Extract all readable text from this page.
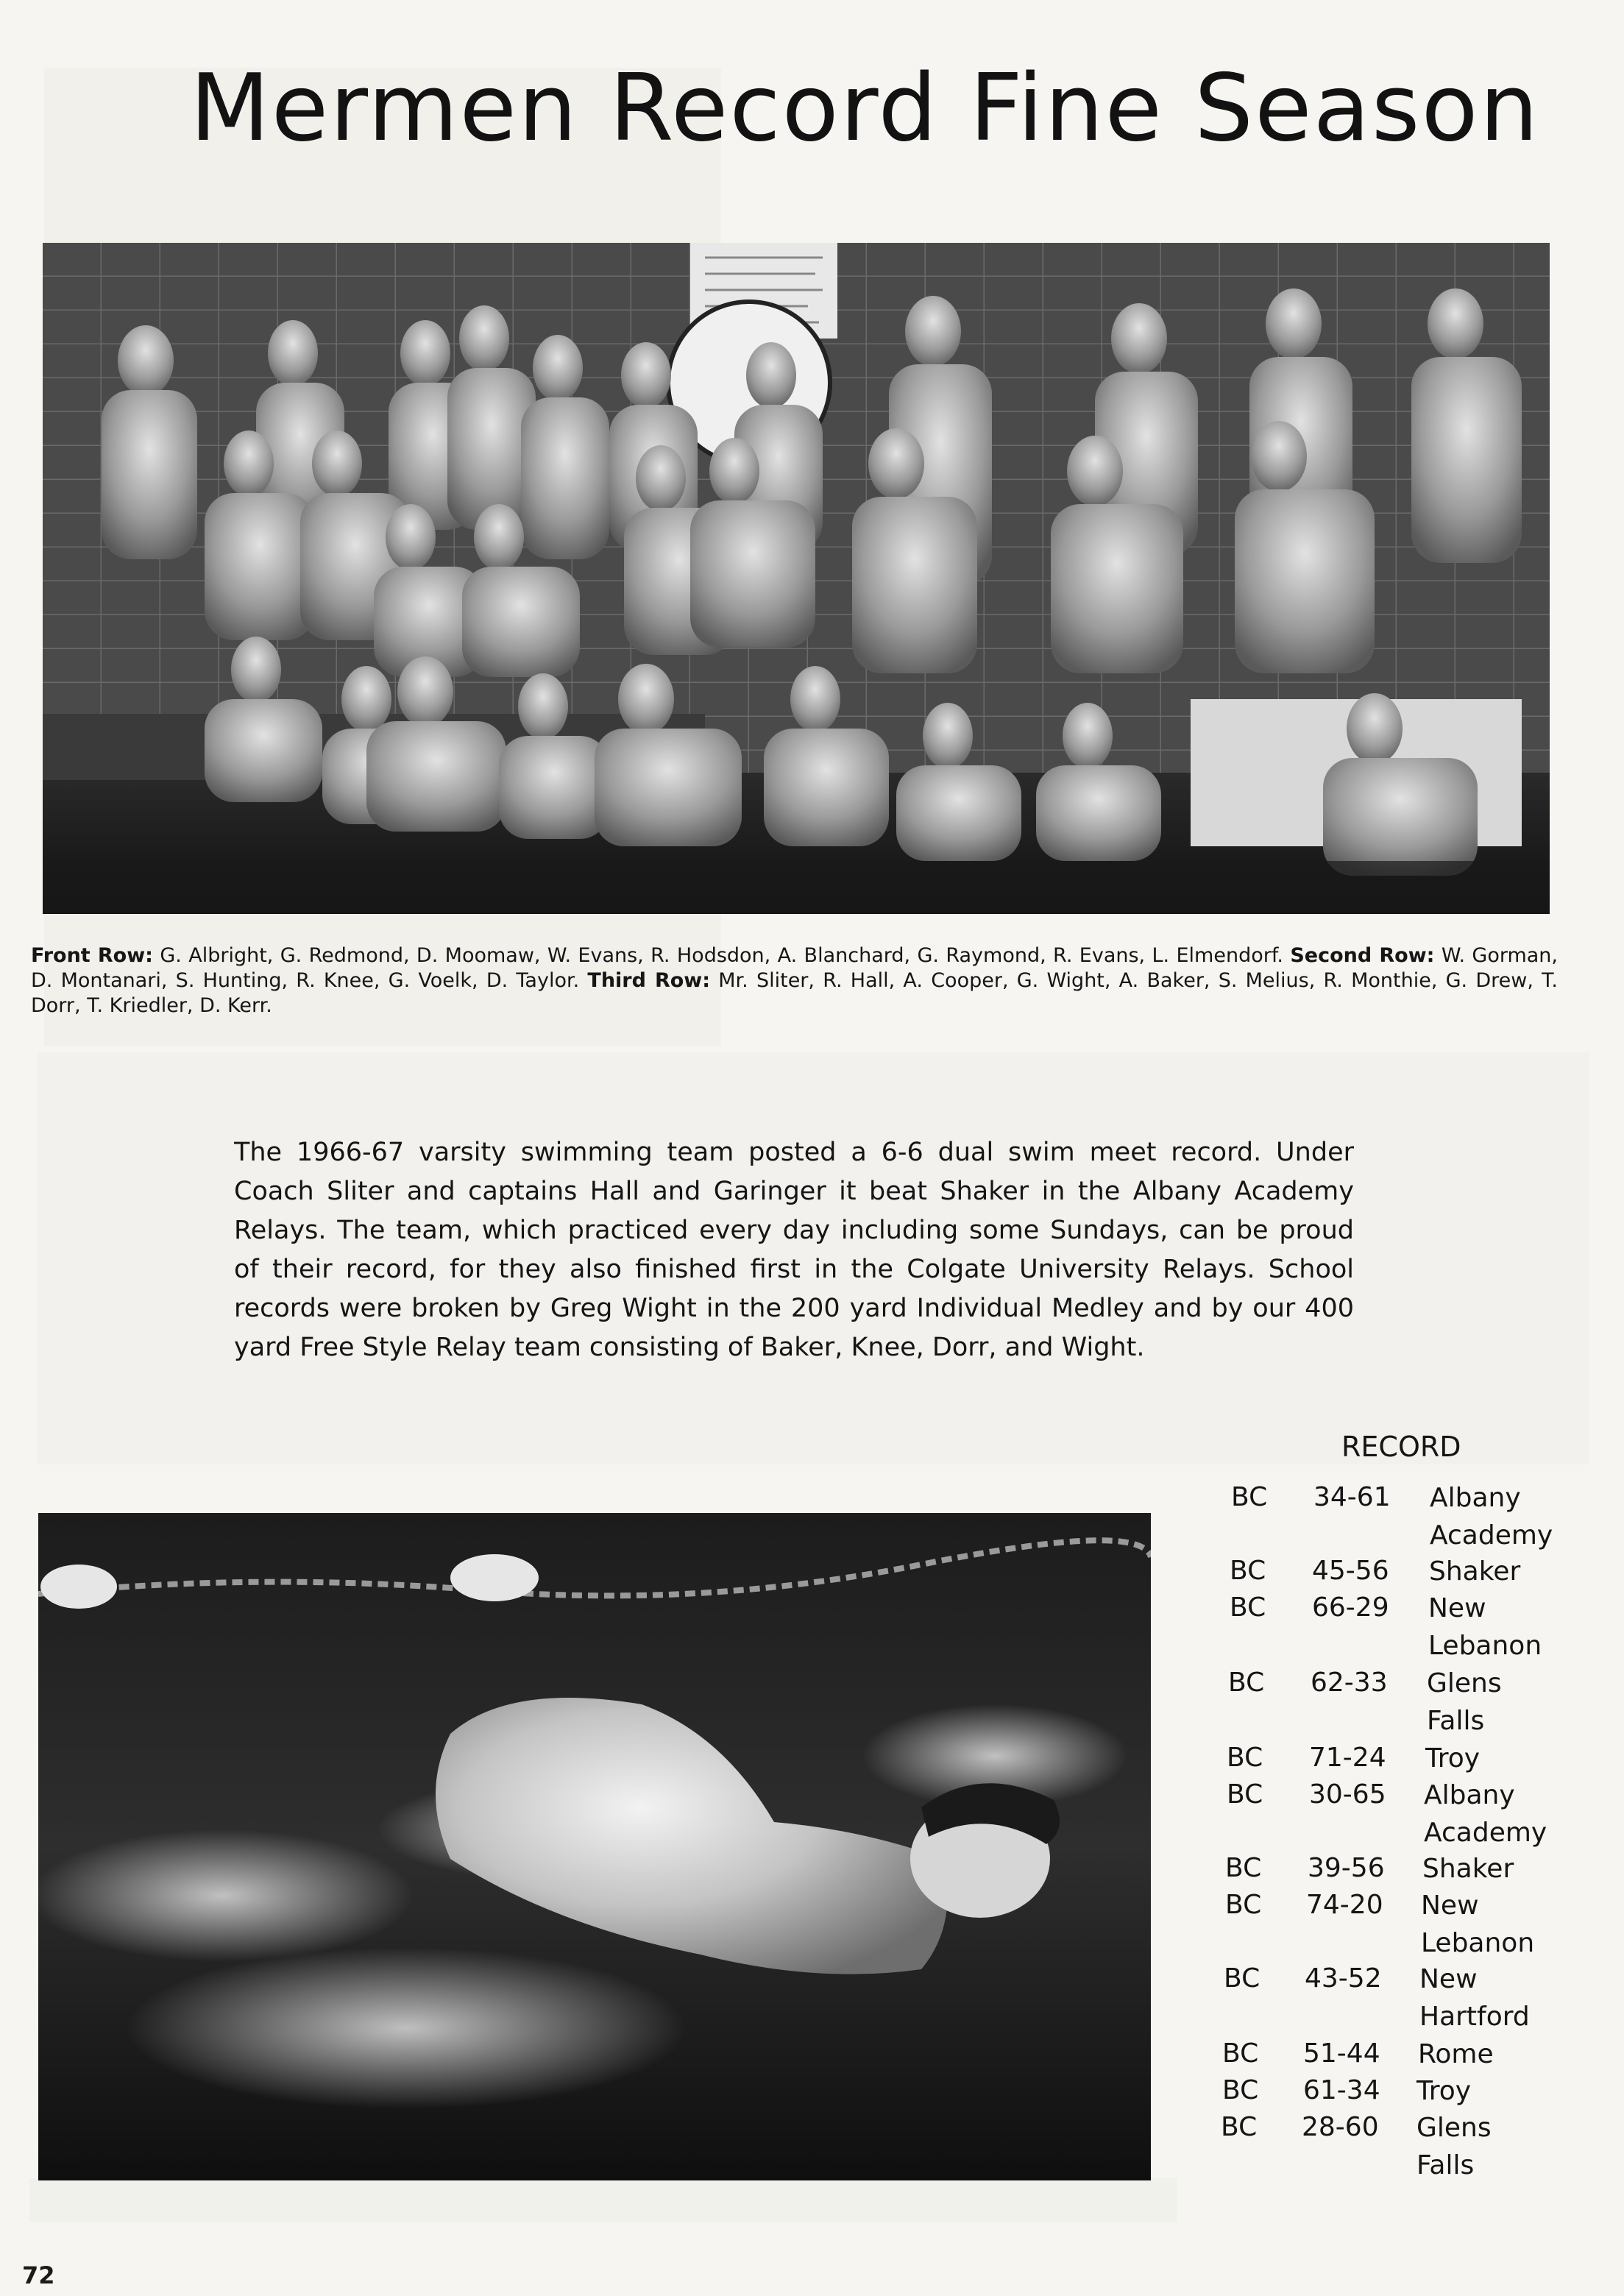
Mermen Record Fine Season
Front Row: G. Albright, G. Redmond, D. Moomaw, W. Evans, R. Hodsdon, A. Blanchard, G. Raymond, R. Evans, L. Elmendorf. Second Row: W. Gorman, D. Montanari, S. Hunting, R. Knee, G. Voelk, D. Taylor. Third Row: Mr. Sliter, R. Hall, A. Cooper, G. Wight, A. Baker, S. Melius, R. Monthie, G. Drew, T. Dorr, T. Kriedler, D. Kerr.
The 1966-67 varsity swimming team posted a 6-6 dual swim meet record. Under Coach Sliter and captains Hall and Garinger it beat Shaker in the Albany Academy Relays. The team, which practiced every day including some Sundays, can be proud of their record, for they also finished first in the Colgate University Relays. School records were broken by Greg Wight in the 200 yard Individual Medley and by our 400 yard Free Style Relay team consisting of Baker, Knee, Dorr, and Wight.
RECORD
BC 34-61 Albany
Academy
BC 45-56 Shaker
BC 66-29 New
Lebanon
BC 62-33 Glens
Falls
BC 71-24 Troy
BC 30-65 Albany
Academy
BC 39-56 Shaker
BC 74-20 New
Lebanon
BC 43-52 New
Hartford
BC 51-44 Rome
BC 61-34 Troy
BC 28-60 Glens
Falls
72
